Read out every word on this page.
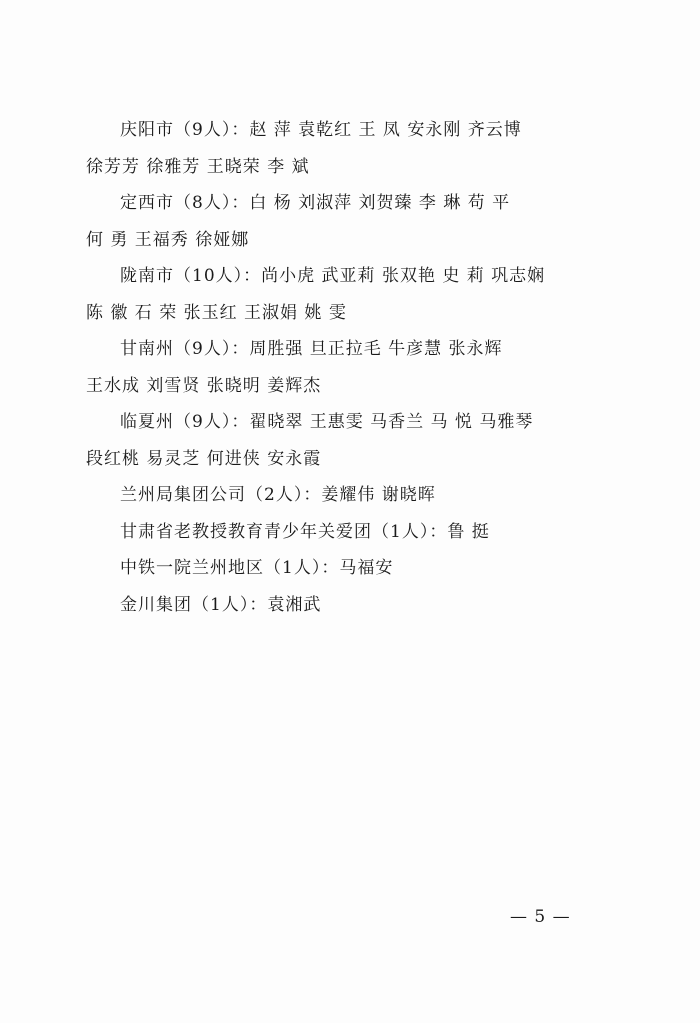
庆阳市（9人）：赵 萍 袁乾红 王 凤 安永刚 齐云博
徐芳芳 徐雅芳 王晓荣 李 斌

定西市（8人）：白 杨 刘淑萍 刘贺臻 李 琳 苟 平
何 勇 王福秀 徐娅娜

陇南市（10人）：尚小虎 武亚莉 张双艳 史 莉 巩志娴
陈 徽 石 荣 张玉红 王淑娟 姚 雯

甘南州（9人）：周胜强 旦正拉毛 牛彦慧 张永辉
王水成 刘雪贤 张晓明 姜辉杰

临夏州（9人）：翟晓翠 王惠雯 马香兰 马 悦 马雅琴
段红桃 易灵芝 何进侠 安永霞

兰州局集团公司（2人）：姜耀伟 谢晓晖

甘肃省老教授教育青少年关爱团（1人）：鲁 挺

中铁一院兰州地区（1人）：马福安

金川集团（1人）：袁湘武

— 5 —
